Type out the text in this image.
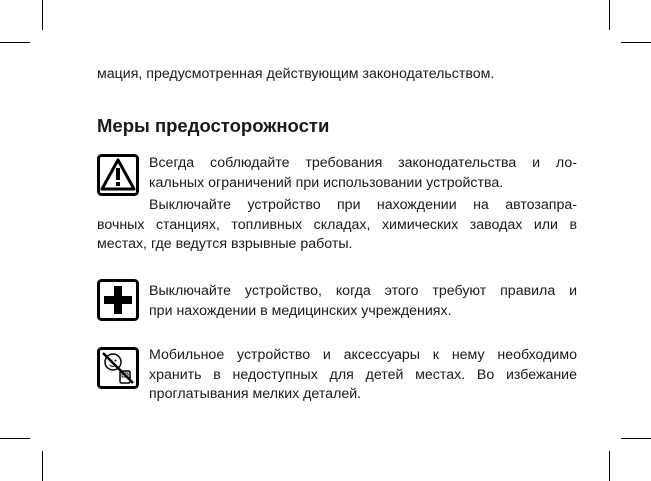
мация, предусмотренная действующим законодательством.

Меры предосторожности
Всегда соблюдайте требования законодательства и ло-
кальных ограничений при использовании устройства.
Выключайте устройство при нахождении на автозапра-
вочных станциях, топливных складах, химических заводах или в
местах, где ведутся взрывные работы.
Выключайте устройство, когда этого требуют правила и
при нахождении в медицинских учреждениях.
Мобильное устройство и аксессуары к нему необходимо
хранить в недоступных для детей местах. Во избежание
проглатывания мелких деталей.
